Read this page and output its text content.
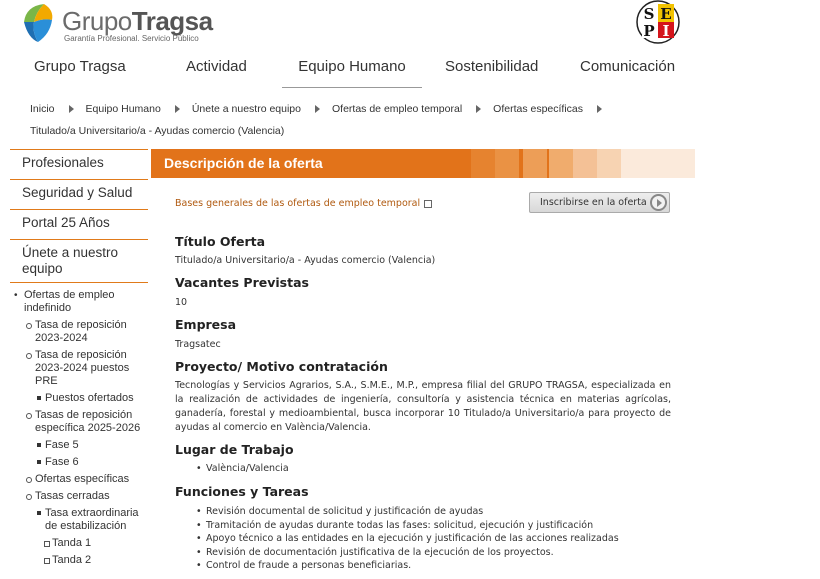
GrupoTragsa
Garantía Profesional. Servicio Público
S E
P I
Grupo Tragsa	Actividad	Equipo Humano	Sostenibilidad	Comunicación
Inicio	Equipo Humano	Únete a nuestro equipo	Ofertas de empleo temporal	Ofertas específicas
Titulado/a Universitario/a - Ayudas comercio (Valencia)
Profesionales
Seguridad y Salud
Portal 25 Años
Únete a nuestro equipo
• Ofertas de empleo indefinido
Tasa de reposición 2023-2024
Tasa de reposición 2023-2024 puestos PRE
Puestos ofertados
Tasas de reposición específica 2025-2026
Fase 5
Fase 6
Ofertas específicas
Tasas cerradas
Tasa extraordinaria de estabilización
Tanda 1
Tanda 2
Descripción de la oferta
Bases generales de las ofertas de empleo temporal	Inscribirse en la oferta
Título Oferta
Titulado/a Universitario/a - Ayudas comercio (Valencia)
Vacantes Previstas
10
Empresa
Tragsatec
Proyecto/ Motivo contratación
Tecnologías y Servicios Agrarios, S.A., S.M.E., M.P., empresa filial del GRUPO TRAGSA, especializada en la realización de actividades de ingeniería, consultoría y asistencia técnica en materias agrícolas, ganadería, forestal y medioambiental, busca incorporar 10 Titulado/a Universitario/a para proyecto de ayudas al comercio en València/Valencia.
Lugar de Trabajo
• València/Valencia
Funciones y Tareas
• Revisión documental de solicitud y justificación de ayudas
• Tramitación de ayudas durante todas las fases: solicitud, ejecución y justificación
• Apoyo técnico a las entidades en la ejecución y justificación de las acciones realizadas
• Revisión de documentación justificativa de la ejecución de los proyectos.
• Control de fraude a personas beneficiarias.
